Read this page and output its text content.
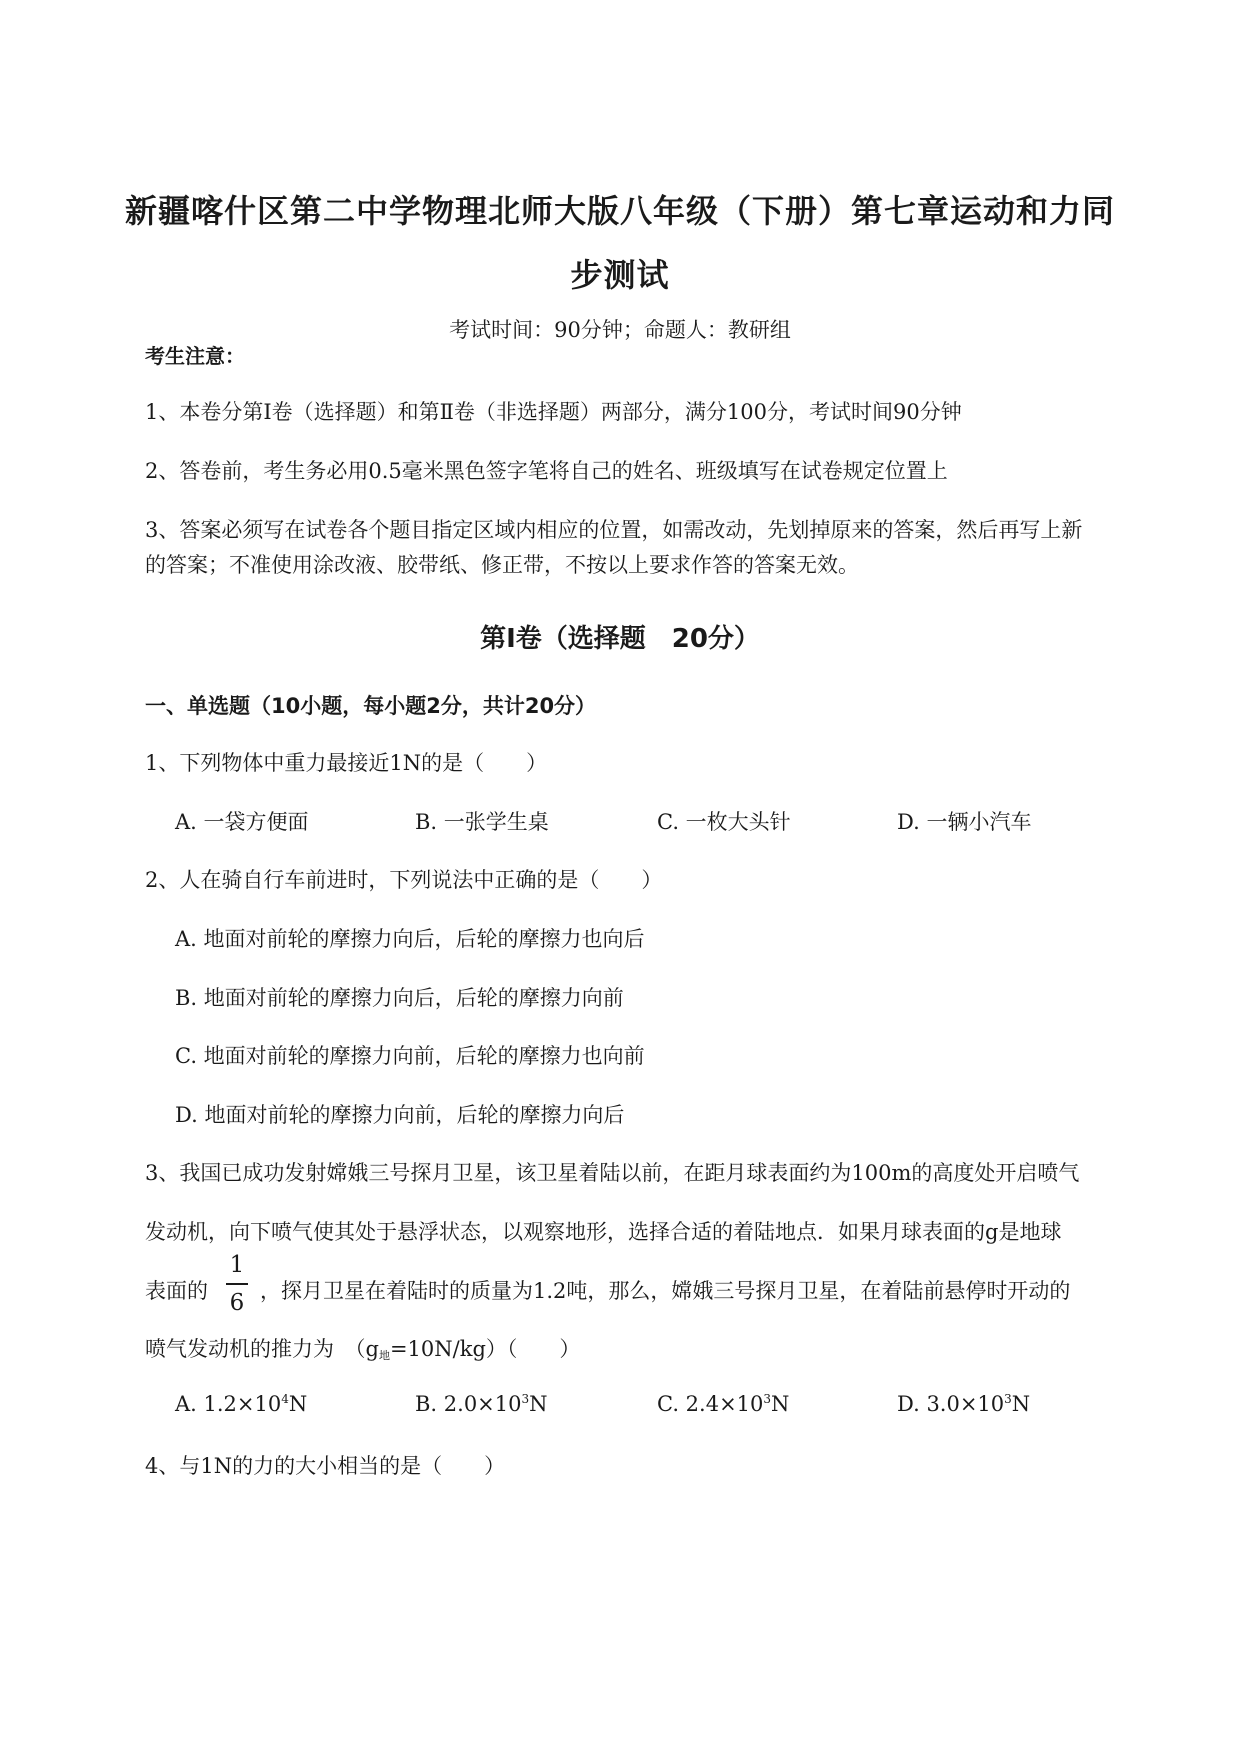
新疆喀什区第二中学物理北师大版八年级（下册）第七章运动和力同
步测试
考试时间：90分钟；命题人：教研组
考生注意：
1、本卷分第Ⅰ卷（选择题）和第Ⅱ卷（非选择题）两部分，满分100分，考试时间90分钟
2、答卷前，考生务必用0.5毫米黑色签字笔将自己的姓名、班级填写在试卷规定位置上
3、答案必须写在试卷各个题目指定区域内相应的位置，如需改动，先划掉原来的答案，然后再写上新
的答案；不准使用涂改液、胶带纸、修正带，不按以上要求作答的答案无效。
第Ⅰ卷（选择题　20分）
一、单选题（10小题，每小题2分，共计20分）
1、下列物体中重力最接近1N的是（　　）
A. 一袋方便面	B. 一张学生桌	C. 一枚大头针	D. 一辆小汽车
2、人在骑自行车前进时，下列说法中正确的是（　　）
A. 地面对前轮的摩擦力向后，后轮的摩擦力也向后
B. 地面对前轮的摩擦力向后，后轮的摩擦力向前
C. 地面对前轮的摩擦力向前，后轮的摩擦力也向前
D. 地面对前轮的摩擦力向前，后轮的摩擦力向后
3、我国已成功发射嫦娥三号探月卫星，该卫星着陆以前，在距月球表面约为100m的高度处开启喷气
发动机，向下喷气使其处于悬浮状态，以观察地形，选择合适的着陆地点．如果月球表面的g是地球
表面的
1
6 ，探月卫星在着陆时的质量为1.2吨，那么，嫦娥三号探月卫星，在着陆前悬停时开动的
喷气发动机的推力为　$(g_地=10N/kg)$（　　）
A. $1.2\times 10^4N$	B. $2.0\times 10^3N$	C. $2.4\times 10^3N$	D. $3.0\times 10^3N$
4、与1N的力的大小相当的是（　　）
